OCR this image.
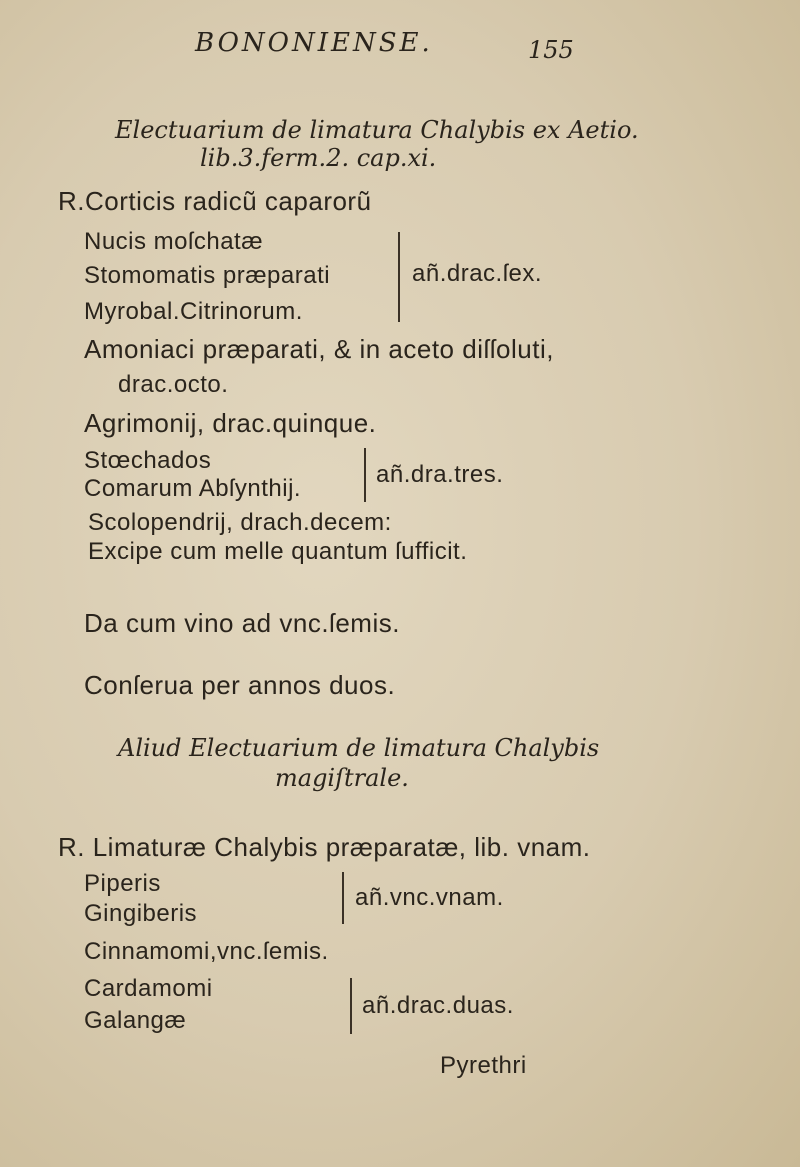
BONONIENSE.	155
Electuarium de limatura Chalybis ex Aetio.
lib.3.ferm.2. cap.xi.
R.Corticis radicũ caparorũ
Nucis moſchatæ
Stomomatis præparati
Myrobal.Citrinorum.
añ.drac.ſex.
Amoniaci præparati, & in aceto diſſoluti,
drac.octo.
Agrimonij, drac.quinque.
Stœchados
Comarum Abſynthij.
añ.dra.tres.
Scolopendrij, drach.decem:
Excipe cum melle quantum ſufficit.
Da cum vino ad vnc.ſemis.
Conſerua per annos duos.
Aliud Electuarium de limatura Chalybis
magiſtrale.
R. Limaturæ Chalybis præparatæ, lib. vnam.
Piperis
Gingiberis
añ.vnc.vnam.
Cinnamomi,vnc.ſemis.
Cardamomi
Galangæ
añ.drac.duas.
Pyrethri
